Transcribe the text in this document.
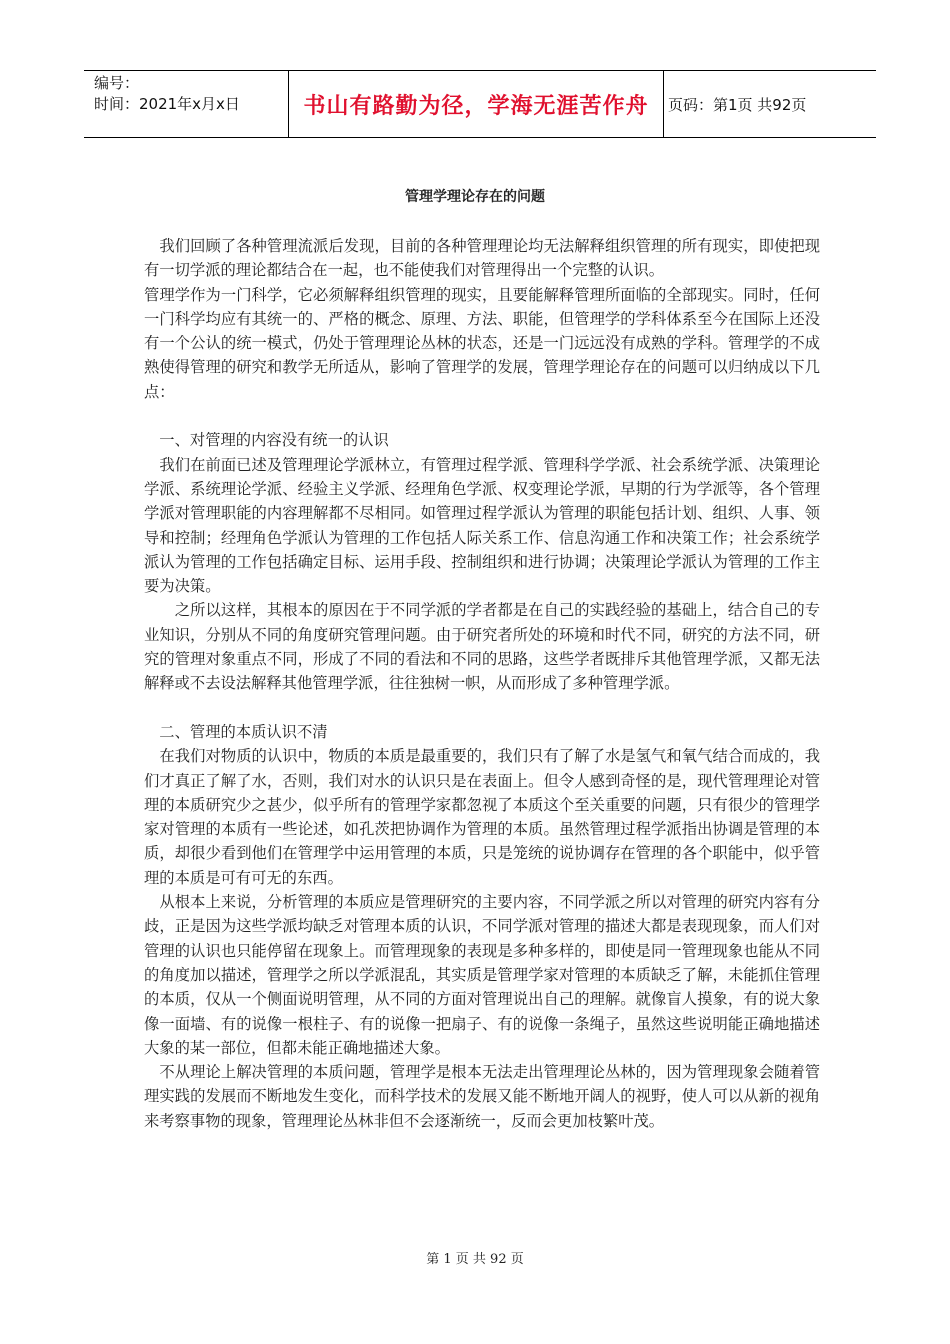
编号：
时间：2021年x月x日	书山有路勤为径，学海无涯苦作舟 页码：第1页 共92页
管理学理论存在的问题

　我们回顾了各种管理流派后发现，目前的各种管理理论均无法解释组织管理的所有现实，即使把现有一切学派的理论都结合在一起，也不能使我们对管理得出一个完整的认识。

管理学作为一门科学，它必须解释组织管理的现实，且要能解释管理所面临的全部现实。同时，任何一门科学均应有其统一的、严格的概念、原理、方法、职能，但管理学的学科体系至今在国际上还没有一个公认的统一模式，仍处于管理理论丛林的状态，还是一门远远没有成熟的学科。管理学的不成熟使得管理的研究和教学无所适从，影响了管理学的发展，管理学理论存在的问题可以归纳成以下几点：

　一、对管理的内容没有统一的认识

　我们在前面已述及管理理论学派林立，有管理过程学派、管理科学学派、社会系统学派、决策理论学派、系统理论学派、经验主义学派、经理角色学派、权变理论学派，早期的行为学派等，各个管理学派对管理职能的内容理解都不尽相同。如管理过程学派认为管理的职能包括计划、组织、人事、领导和控制；经理角色学派认为管理的工作包括人际关系工作、信息沟通工作和决策工作；社会系统学派认为管理的工作包括确定目标、运用手段、控制组织和进行协调；决策理论学派认为管理的工作主要为决策。

　　之所以这样，其根本的原因在于不同学派的学者都是在自己的实践经验的基础上，结合自己的专业知识，分别从不同的角度研究管理问题。由于研究者所处的环境和时代不同，研究的方法不同，研究的管理对象重点不同，形成了不同的看法和不同的思路，这些学者既排斥其他管理学派，又都无法解释或不去设法解释其他管理学派，往往独树一帜，从而形成了多种管理学派。

　二、管理的本质认识不清

　在我们对物质的认识中，物质的本质是最重要的，我们只有了解了水是氢气和氧气结合而成的，我们才真正了解了水，否则，我们对水的认识只是在表面上。但令人感到奇怪的是，现代管理理论对管理的本质研究少之甚少，似乎所有的管理学家都忽视了本质这个至关重要的问题，只有很少的管理学家对管理的本质有一些论述，如孔茨把协调作为管理的本质。虽然管理过程学派指出协调是管理的本质，却很少看到他们在管理学中运用管理的本质，只是笼统的说协调存在管理的各个职能中，似乎管理的本质是可有可无的东西。

　从根本上来说，分析管理的本质应是管理研究的主要内容，不同学派之所以对管理的研究内容有分歧，正是因为这些学派均缺乏对管理本质的认识，不同学派对管理的描述大都是表现现象，而人们对管理的认识也只能停留在现象上。而管理现象的表现是多种多样的，即使是同一管理现象也能从不同的角度加以描述，管理学之所以学派混乱，其实质是管理学家对管理的本质缺乏了解，未能抓住管理的本质，仅从一个侧面说明管理，从不同的方面对管理说出自己的理解。就像盲人摸象，有的说大象像一面墙、有的说像一根柱子、有的说像一把扇子、有的说像一条绳子，虽然这些说明能正确地描述大象的某一部位，但都未能正确地描述大象。

　不从理论上解决管理的本质问题，管理学是根本无法走出管理理论丛林的，因为管理现象会随着管理实践的发展而不断地发生变化，而科学技术的发展又能不断地开阔人的视野，使人可以从新的视角来考察事物的现象，管理理论丛林非但不会逐渐统一，反而会更加枝繁叶茂。

第 1 页 共 92 页
